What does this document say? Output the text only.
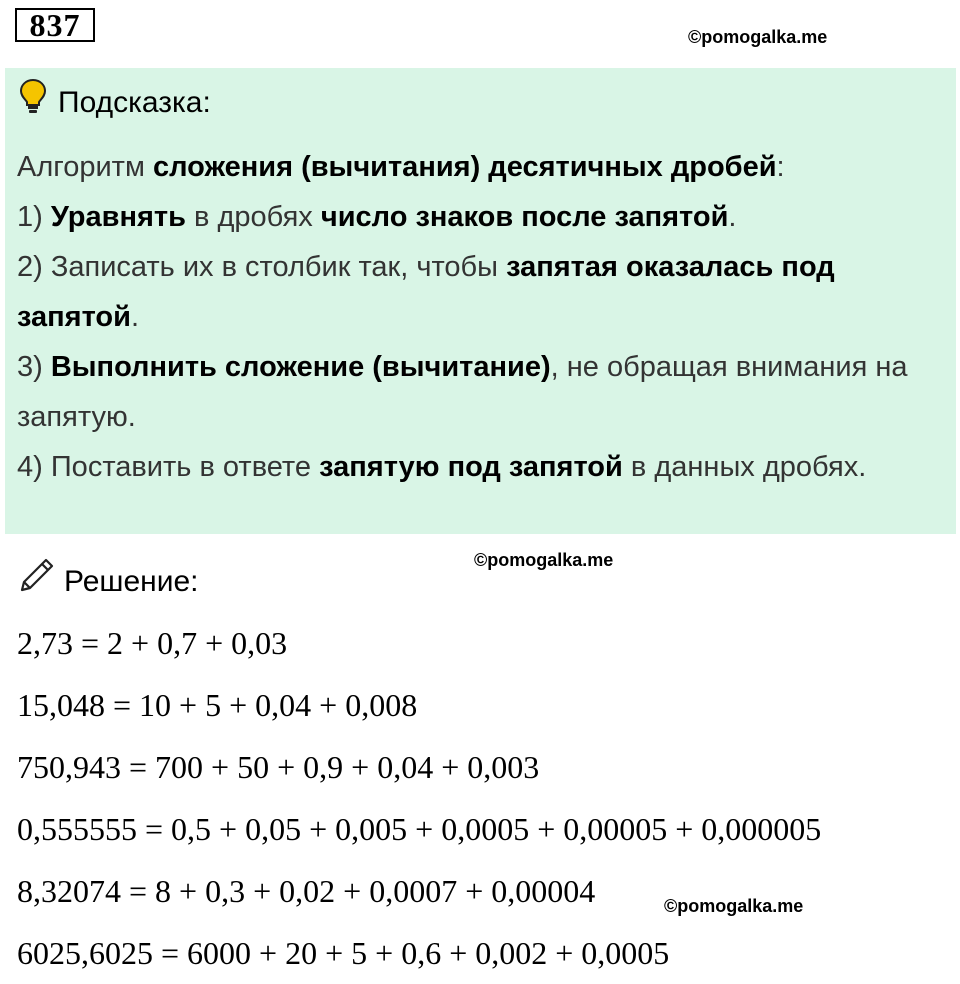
837	©pomogalka.me
Подсказка:

Алгоритм сложения (вычитания) десятичных дробей:

1) Уравнять в дробях число знаков после запятой.

2) Записать их в столбик так, чтобы запятая оказалась под запятой.

3) Выполнить сложение (вычитание), не обращая внимания на запятую.

4) Поставить в ответе запятую под запятой в данных дробях.

Решение:
©pomogalka.me
2,73 = 2 + 0,7 + 0,03
15,048 = 10 + 5 + 0,04 + 0,008
750,943 = 700 + 50 + 0,9 + 0,04 + 0,003
0,555555 = 0,5 + 0,05 + 0,005 + 0,0005 + 0,00005 + 0,000005
8,32074 = 8 + 0,3 + 0,02 + 0,0007 + 0,00004
6025,6025 = 6000 + 20 + 5 + 0,6 + 0,002 + 0,0005
©pomogalka.me
